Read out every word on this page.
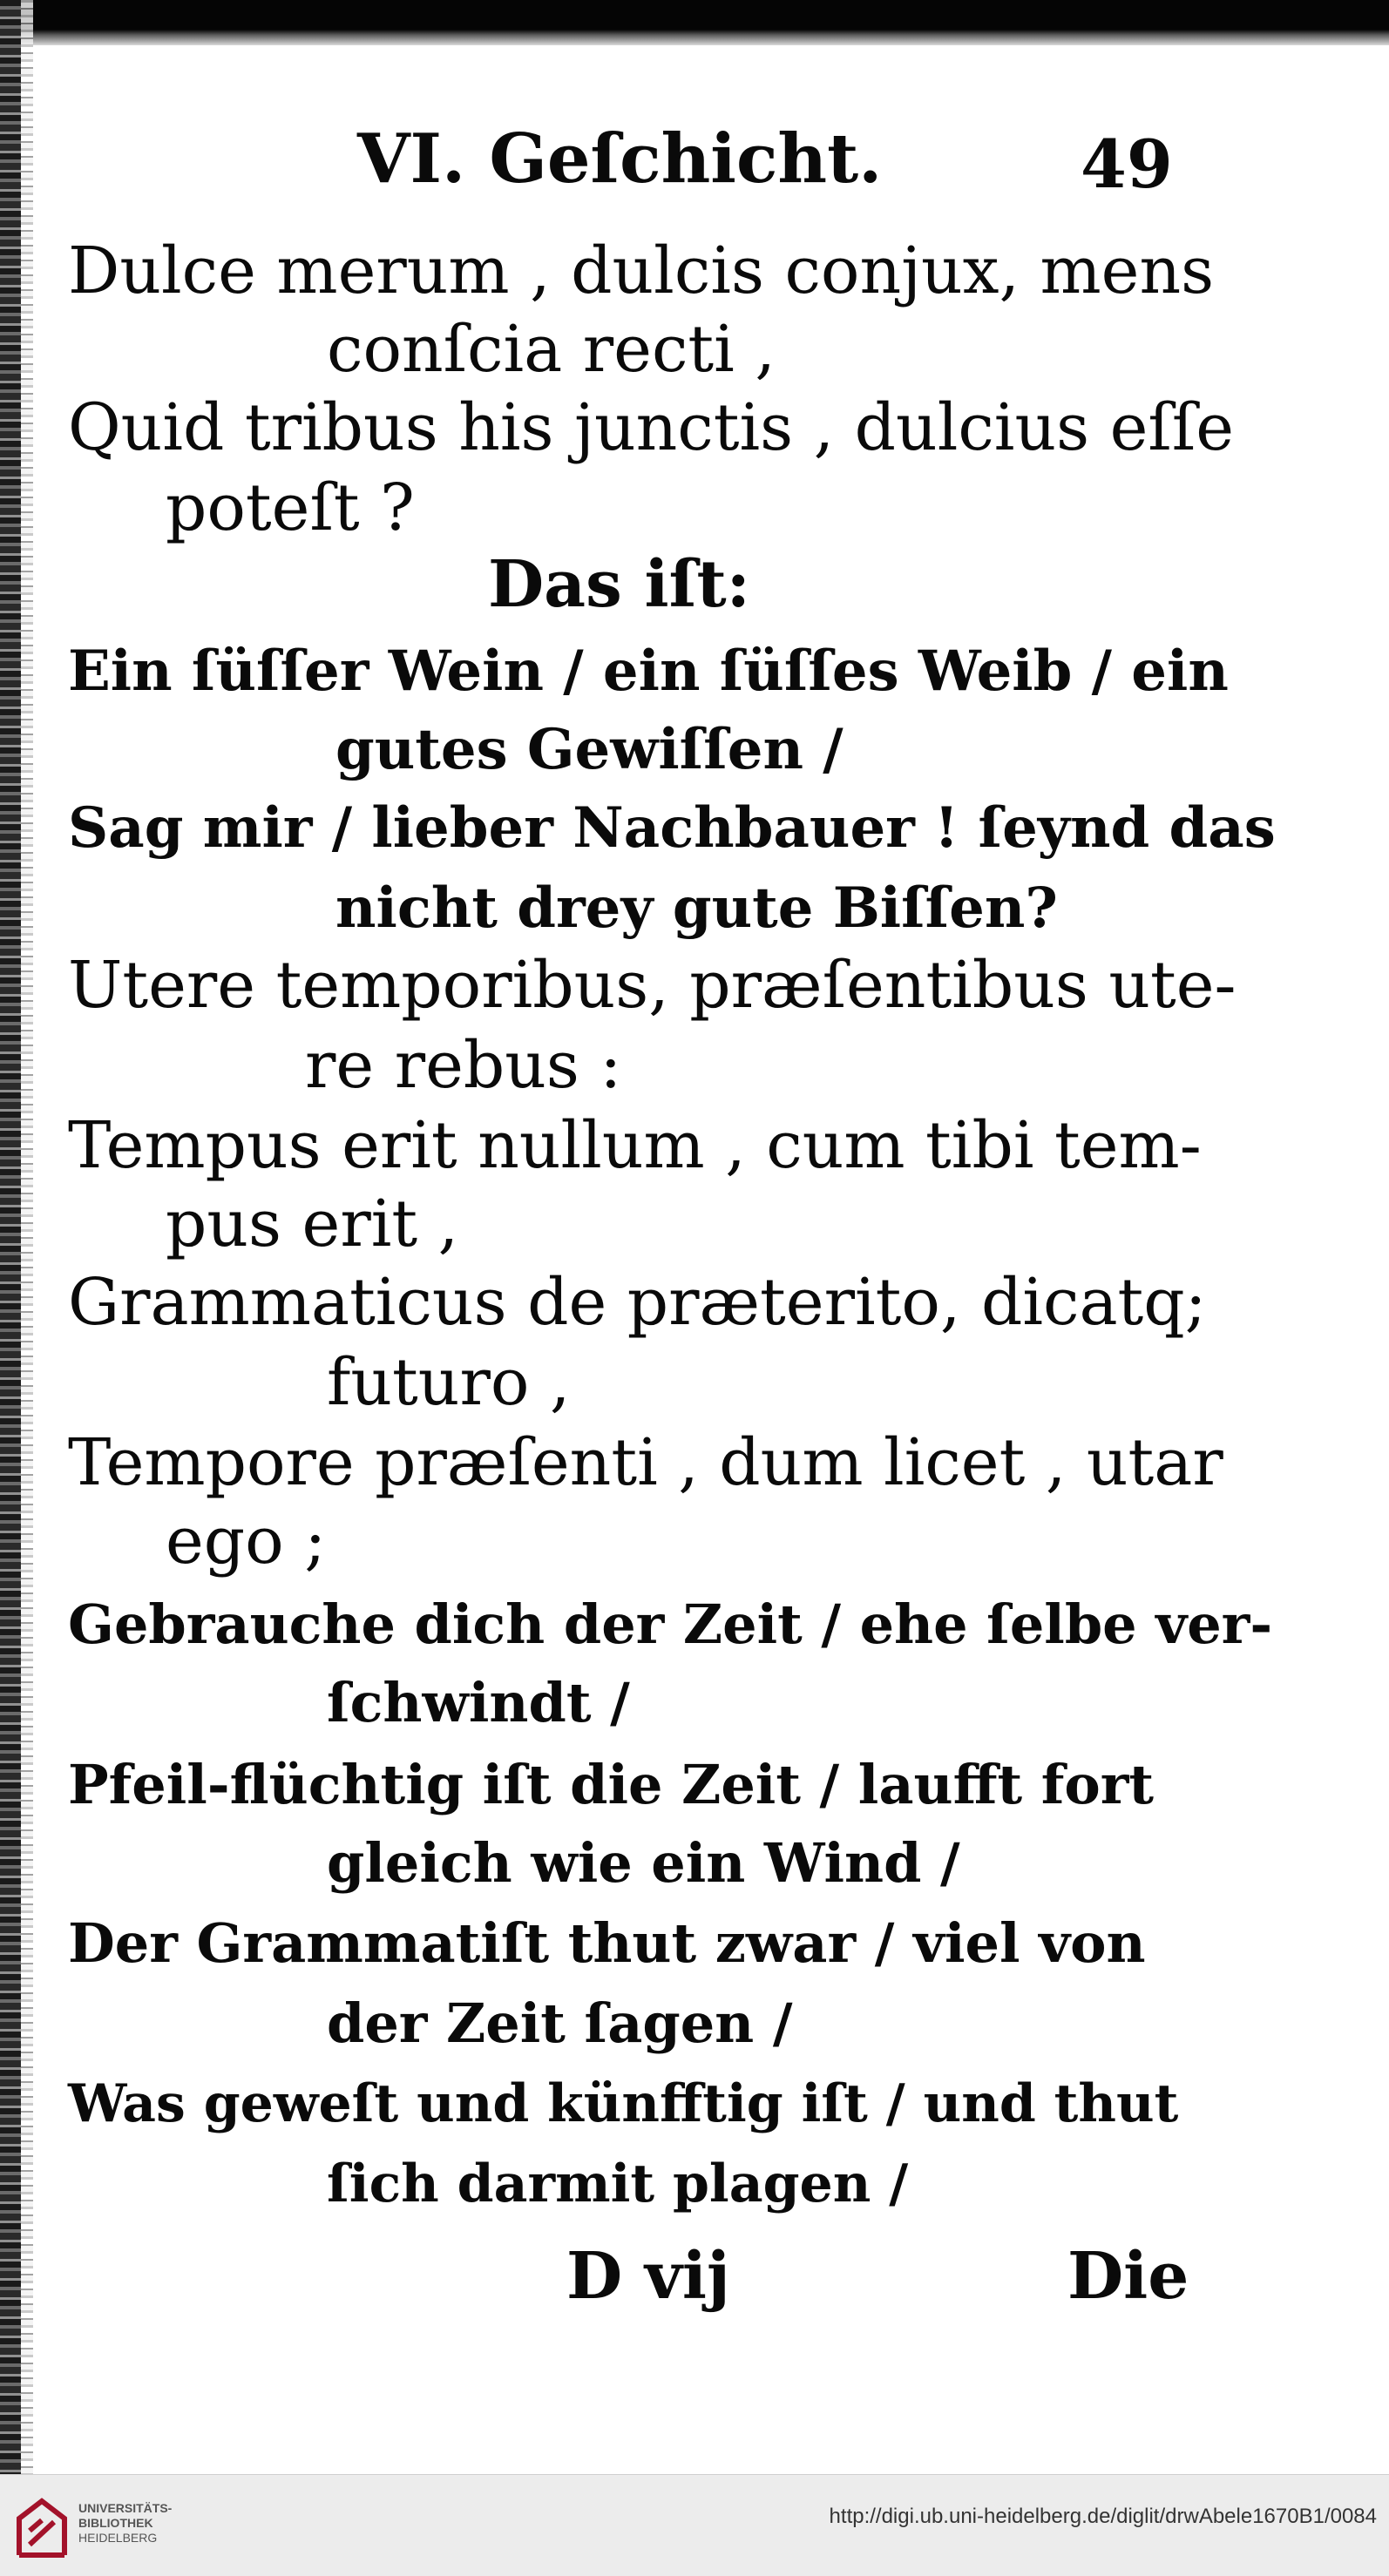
VI. Geſchicht.	49
Dulce merum , dulcis conjux, mens
conſcia recti ,
Quid tribus his junctis , dulcius eſſe
poteſt ?
Das iſt:
Ein ſüſſer Wein / ein ſüſſes Weib / ein
gutes Gewiſſen /
Sag mir / lieber Nachbauer ! ſeynd das
nicht drey gute Biſſen?
Utere temporibus, præſentibus ute-
re rebus :
Tempus erit nullum , cum tibi tem-
pus erit ,
Grammaticus de præterito, dicatq;
futuro ,
Tempore præſenti , dum licet , utar
ego ;
Gebrauche dich der Zeit / ehe ſelbe ver-
ſchwindt /
Pfeil-flüchtig iſt die Zeit / laufft fort
gleich wie ein Wind /
Der Grammatiſt thut zwar / viel von
der Zeit ſagen /
Was geweſt und künfftig iſt / und thut
ſich darmit plagen /
D vij	Die
UNIVERSITÄTS-
BIBLIOTHEK
HEIDELBERG
http://digi.ub.uni-heidelberg.de/diglit/drwAbele1670B1/0084
